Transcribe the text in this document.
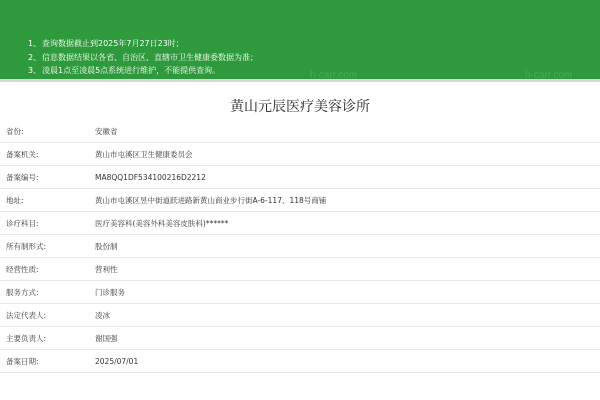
1、查询数据截止到2025年7月27日23时；
2、信息数据结果以各省、自治区、直辖市卫生健康委数据为准；
3、凌晨1点至凌晨5点系统进行维护，不能提供查询。	h-carr.com	h-carr.com
黄山元辰医疗美容诊所
省份:	安徽省
备案机关:	黄山市屯溪区卫生健康委员会
备案编号:	MA8QQ1DF534100216D2212
地址:	黄山市屯溪区昱中街道跃进路新黄山商业步行街A-6-117、118号商铺
诊疗科目:	医疗美容科(美容外科美容皮肤科)******
所有制形式:	股份制
经营性质:	营利性
服务方式:	门诊服务
法定代表人:	凌冰
主要负责人:	谢国强
备案日期:	2025/07/01
